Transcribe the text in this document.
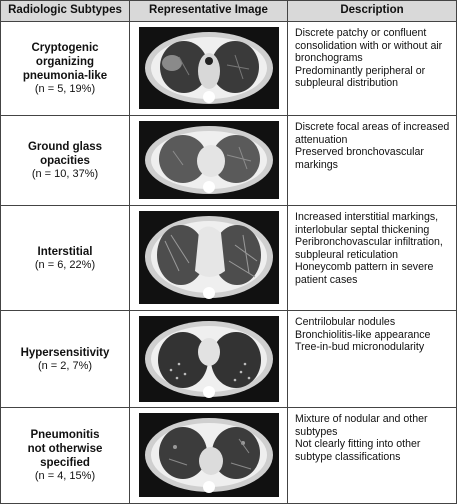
Radiologic Subtypes	Representative Image	Description
Cryptogenic
organizing
pneumonia-like
(n = 5, 19%)
Discrete patchy or confluent
consolidation with or without air
bronchograms
Predominantly peripheral or
subpleural distribution
Ground glass
opacities
(n = 10, 37%)
Discrete focal areas of increased
attenuation
Preserved bronchovascular
markings
Interstitial
(n = 6, 22%)
Increased interstitial markings,
interlobular septal thickening
Peribronchovascular infiltration,
subpleural reticulation
Honeycomb pattern in severe
patient cases
Hypersensitivity
(n = 2, 7%)
Centrilobular nodules
Bronchiolitis-like appearance
Tree-in-bud micronodularity
Pneumonitis
not otherwise
specified
(n = 4, 15%)
Mixture of nodular and other
subtypes
Not clearly fitting into other
subtype classifications
